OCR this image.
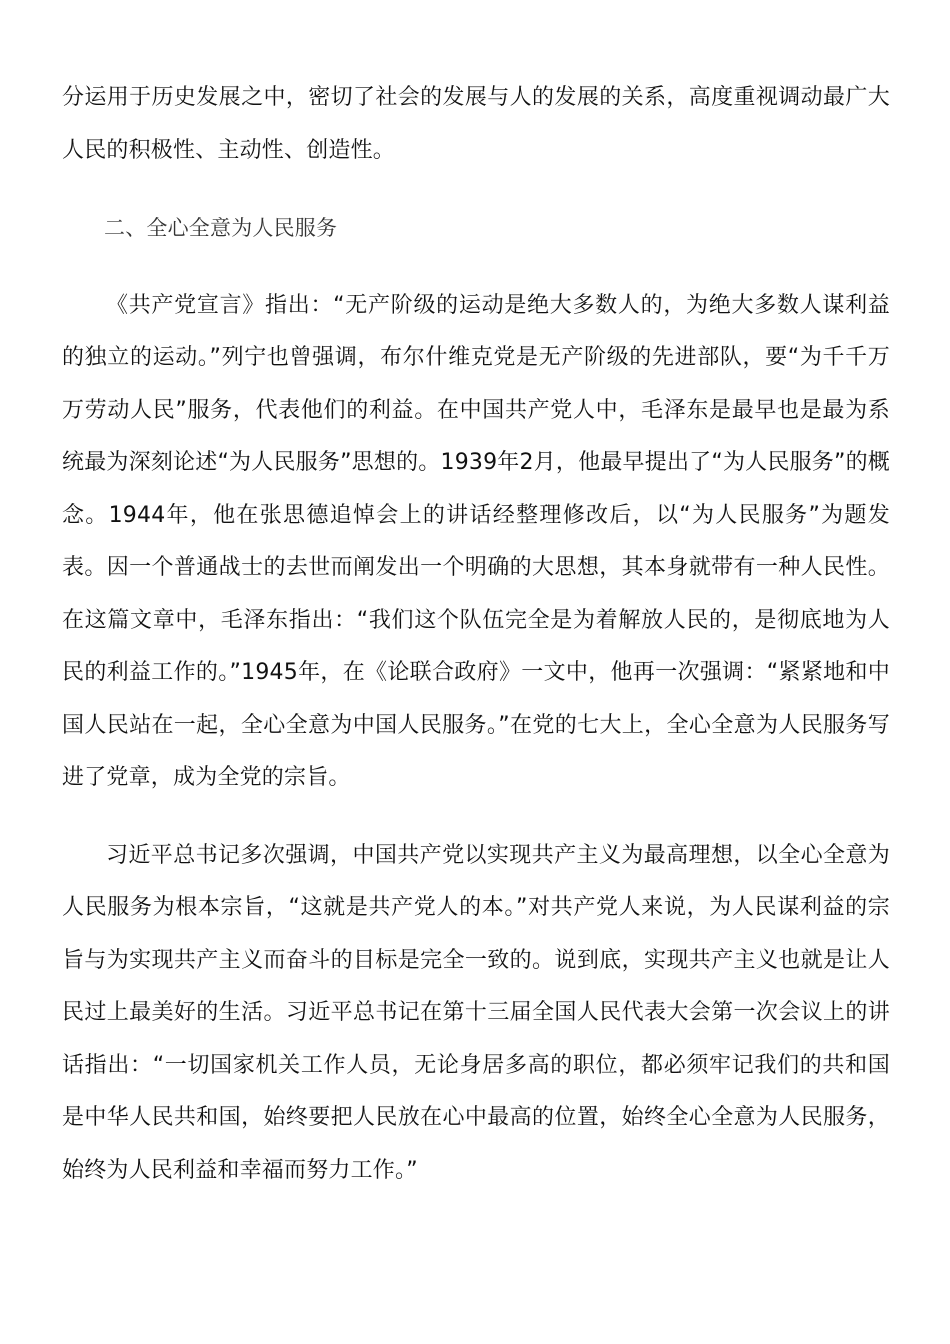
分运用于历史发展之中，密切了社会的发展与人的发展的关系，高度重视调动最广大人民的积极性、主动性、创造性。

二、全心全意为人民服务

《共产党宣言》指出：“无产阶级的运动是绝大多数人的，为绝大多数人谋利益的独立的运动。”列宁也曾强调，布尔什维克党是无产阶级的先进部队，要“为千千万万劳动人民”服务，代表他们的利益。在中国共产党人中，毛泽东是最早也是最为系统最为深刻论述“为人民服务”思想的。1939年2月，他最早提出了“为人民服务”的概念。1944年，他在张思德追悼会上的讲话经整理修改后，以“为人民服务”为题发表。因一个普通战士的去世而阐发出一个明确的大思想，其本身就带有一种人民性。在这篇文章中，毛泽东指出：“我们这个队伍完全是为着解放人民的，是彻底地为人民的利益工作的。”1945年，在《论联合政府》一文中，他再一次强调：“紧紧地和中国人民站在一起，全心全意为中国人民服务。”在党的七大上，全心全意为人民服务写进了党章，成为全党的宗旨。

习近平总书记多次强调，中国共产党以实现共产主义为最高理想，以全心全意为人民服务为根本宗旨，“这就是共产党人的本。”对共产党人来说，为人民谋利益的宗旨与为实现共产主义而奋斗的目标是完全一致的。说到底，实现共产主义也就是让人民过上最美好的生活。习近平总书记在第十三届全国人民代表大会第一次会议上的讲话指出：“一切国家机关工作人员，无论身居多高的职位，都必须牢记我们的共和国是中华人民共和国，始终要把人民放在心中最高的位置，始终全心全意为人民服务，始终为人民利益和幸福而努力工作。”
